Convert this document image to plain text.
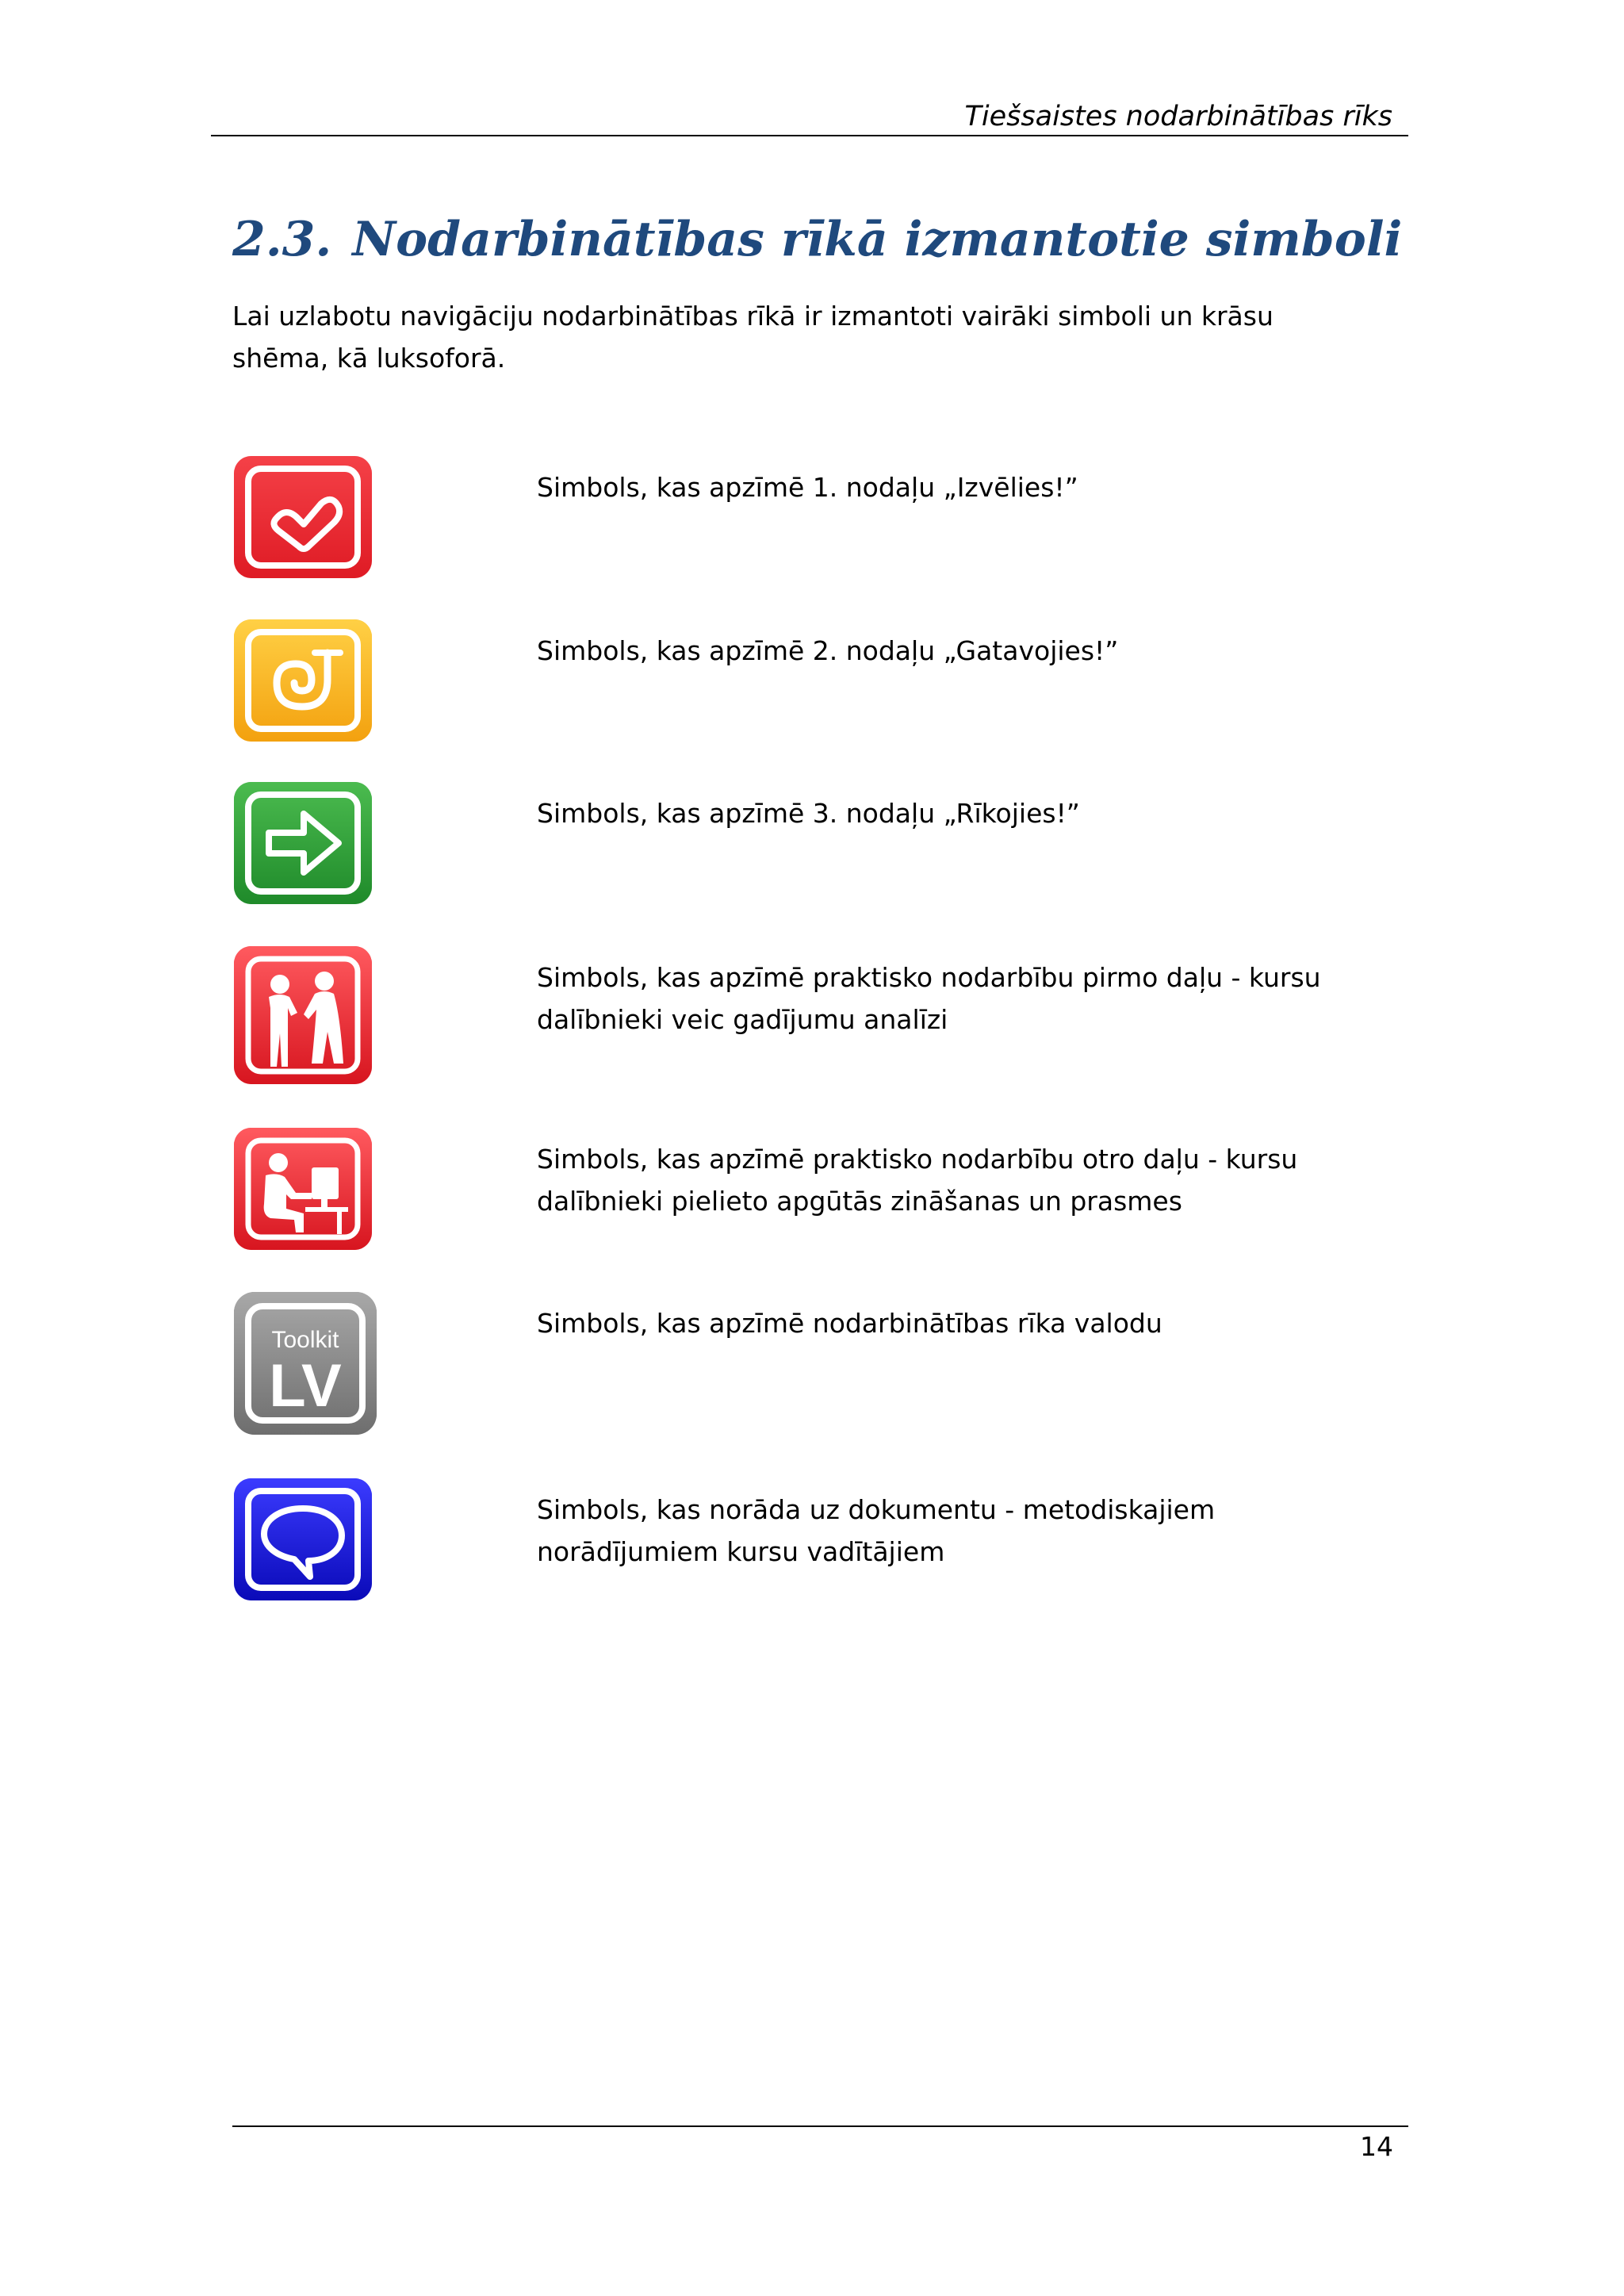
Tiešsaistes nodarbinātības rīks
2.3. Nodarbinātības rīkā izmantotie simboli

Lai uzlabotu navigāciju nodarbinātības rīkā ir izmantoti vairāki simboli un krāsu shēma, kā luksoforā.

Simbols, kas apzīmē 1. nodaļu „Izvēlies!”

Simbols, kas apzīmē 2. nodaļu „Gatavojies!”

Simbols, kas apzīmē 3. nodaļu „Rīkojies!”

Simbols, kas apzīmē praktisko nodarbību pirmo daļu - kursu dalībnieki veic gadījumu analīzi

Simbols, kas apzīmē praktisko nodarbību otro daļu - kursu dalībnieki pielieto apgūtās zināšanas un prasmes

Toolkit
LV

Simbols, kas apzīmē nodarbinātības rīka valodu

Simbols, kas norāda uz dokumentu - metodiskajiem norādījumiem kursu vadītājiem

14
